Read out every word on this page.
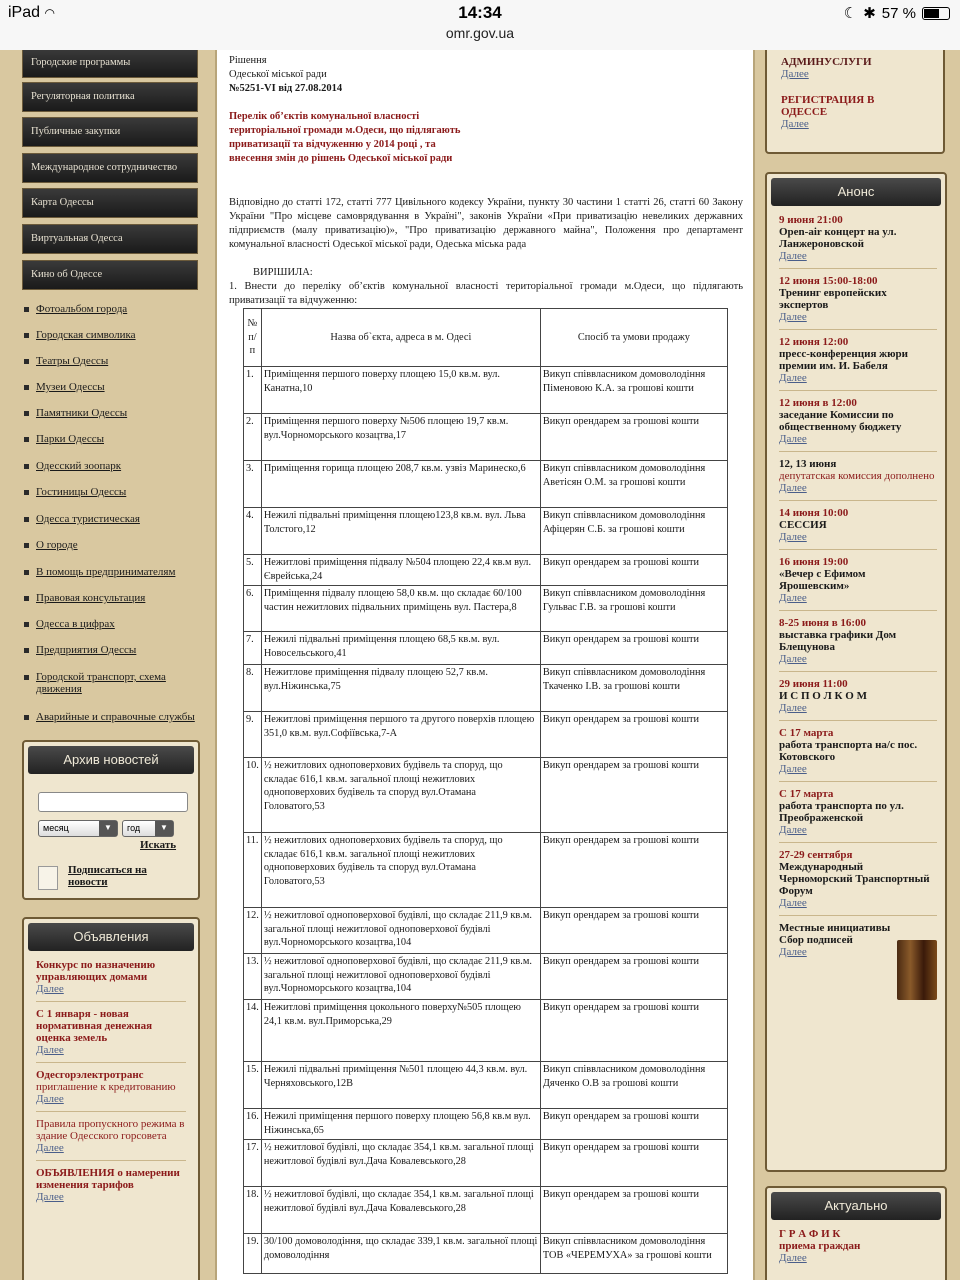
iPad ◠	14:34
omr.gov.ua
☾ ✱ 57 %
Городские программы
Регуляторная политика
Публичные закупки
Международное сотрудничество
Карта Одессы
Виртуальная Одесса
Кино об Одессе
Фотоальбом города
Городская символика
Театры Одессы
Музеи Одессы
Памятники Одессы
Парки Одессы
Одесский зоопарк
Гостиницы Одессы
Одесса туристическая
О городе
В помощь предпринимателям
Правовая консультация
Одесса в цифрах
Предприятия Одессы
Городской транспорт, схема движения
Аварийные и справочные службы
Архив новостей
месяц	▼	год	▼
Искать
Подписаться на новости
Объявления
Конкурс по назначению управляющих домами
Далее
С 1 января - новая нормативная денежная оценка земель
Далее
Одесгорэлектротранс
приглашение к кредитованию
Далее
Правила пропускного режима в здание Одесского горсовета
Далее
ОБЪЯВЛЕНИЯ о намерении изменения тарифов
Далее
Рішення
Одеської міської ради
№5251-VI від 27.08.2014
Перелік об’єктів комунальної власності територіальної громади м.Одеси, що підлягають приватизації та відчуженню у 2014 році , та внесення змін до рішень Одеської міської ради
Відповідно до статті 172, статті 777 Цивільного кодексу України, пункту 30 частини 1 статті 26, статті 60 Закону України "Про місцеве самоврядування в Україні", законів України «При приватизацію невеликих державних підприємств (малу приватизацію)», "Про приватизацію державного майна", Положення про департамент комунальної власності Одеської міської ради, Одеська міська рада
ВИРІШИЛА:
1. Внести до переліку об’єктів комунальної власності територіальної громади м.Одеси, що підлягають приватизації та відчуженню:
№ п/п	Назва об`єкта, адреса в м. Одесі	Спосіб та умови продажу
1.	Приміщення першого поверху площею 15,0 кв.м. вул. Канатна,10	Викуп співвласником домоволодіння Піменовою К.А. за грошові кошти
2.	Приміщення першого поверху №506 площею 19,7 кв.м. вул.Чорноморського козацтва,17	Викуп орендарем за грошові кошти
3.	Приміщення горища площею 208,7 кв.м. узвіз Маринеско,6	Викуп співвласником домоволодіння Аветісян О.М. за грошові кошти
4.	Нежилі підвальні приміщення площею123,8 кв.м. вул. Льва Толстого,12	Викуп співвласником домоволодіння Афіцерян С.Б. за грошові кошти
5.	Нежитлові приміщення підвалу №504 площею 22,4 кв.м вул. Єврейська,24	Викуп орендарем за грошові кошти
6.	Приміщення підвалу площею 58,0 кв.м. що складає 60/100 частин нежитлових підвальних приміщень вул. Пастера,8	Викуп співвласником домоволодіння Гульвас Г.В. за грошові кошти
7.	Нежилі підвальні приміщення площею 68,5 кв.м. вул. Новосельського,41	Викуп орендарем за грошові кошти
8.	Нежитлове приміщення підвалу площею 52,7 кв.м. вул.Ніжинська,75	Викуп співвласником домоволодіння Ткаченко І.В. за грошові кошти
9.	Нежитлові приміщення першого та другого поверхів площею 351,0 кв.м. вул.Софіївська,7-А	Викуп орендарем за грошові кошти
10.	½ нежитлових одноповерхових будівель та споруд, що складає 616,1 кв.м. загальної площі нежитлових одноповерхових будівель та споруд вул.Отамана Головатого,53	Викуп орендарем за грошові кошти
11.	½ нежитлових одноповерхових будівель та споруд, що складає 616,1 кв.м. загальної площі нежитлових одноповерхових будівель та споруд вул.Отамана Головатого,53	Викуп орендарем за грошові кошти
12.	½ нежитлової одноповерхової будівлі, що складає 211,9 кв.м. загальної площі нежитлової одноповерхової будівлі вул.Чорноморського козацтва,104	Викуп орендарем за грошові кошти
13.	½ нежитлової одноповерхової будівлі, що складає 211,9 кв.м. загальної площі нежитлової одноповерхової будівлі вул.Чорноморського козацтва,104	Викуп орендарем за грошові кошти
14.	Нежитлові приміщення цокольного поверху№505 площею 24,1 кв.м. вул.Приморська,29	Викуп орендарем за грошові кошти
15.	Нежилі підвальні приміщення №501 площею 44,3 кв.м. вул. Черняховського,12В	Викуп співвласником домоволодіння Дяченко О.В за грошові кошти
16.	Нежилі приміщення першого поверху площею 56,8 кв.м вул. Ніжинська,65	Викуп орендарем за грошові кошти
17.	½ нежитлової будівлі, що складає 354,1 кв.м. загальної площі нежитлової будівлі вул.Дача Ковалевського,28	Викуп орендарем за грошові кошти
18.	½ нежитлової будівлі, що складає 354,1 кв.м. загальної площі нежитлової будівлі вул.Дача Ковалевського,28	Викуп орендарем за грошові кошти
19.	30/100 домоволодіння, що складає 339,1 кв.м. загальної площі домоволодіння	Викуп співвласником домоволодіння ТОВ «ЧЕРЕМУХА» за грошові кошти
АДМИНУСЛУГИ
Далее
РЕГИСТРАЦИЯ В ОДЕССЕ
Далее
Анонс
9 июня 21:00
Open-air концерт на ул. Ланжероновской
Далее
12 июня 15:00-18:00
Тренинг европейских экспертов
Далее
12 июня 12:00
пресс-конференция жюри премии им. И. Бабеля
Далее
12 июня в 12:00
заседание Комиссии по общественному бюджету
Далее
12, 13 июня
депутатская комиссия дополнено
Далее
14 июня 10:00
СЕССИЯ
Далее
16 июня 19:00
«Вечер с Ефимом Ярошевским»
Далее
8-25 июня в 16:00
выставка графики Дом Блещунова
Далее
29 июня 11:00
И С П О Л К О М
Далее
С 17 марта
работа транспорта на/с пос. Котовского
Далее
С 17 марта
работа транспорта по ул. Преображенской
Далее
27-29 сентября
Международный Черноморский Транспортный Форум
Далее
Местные инициативы
Сбор подписей
Далее
Актуально
Г Р А Ф И К
приема граждан
Далее
